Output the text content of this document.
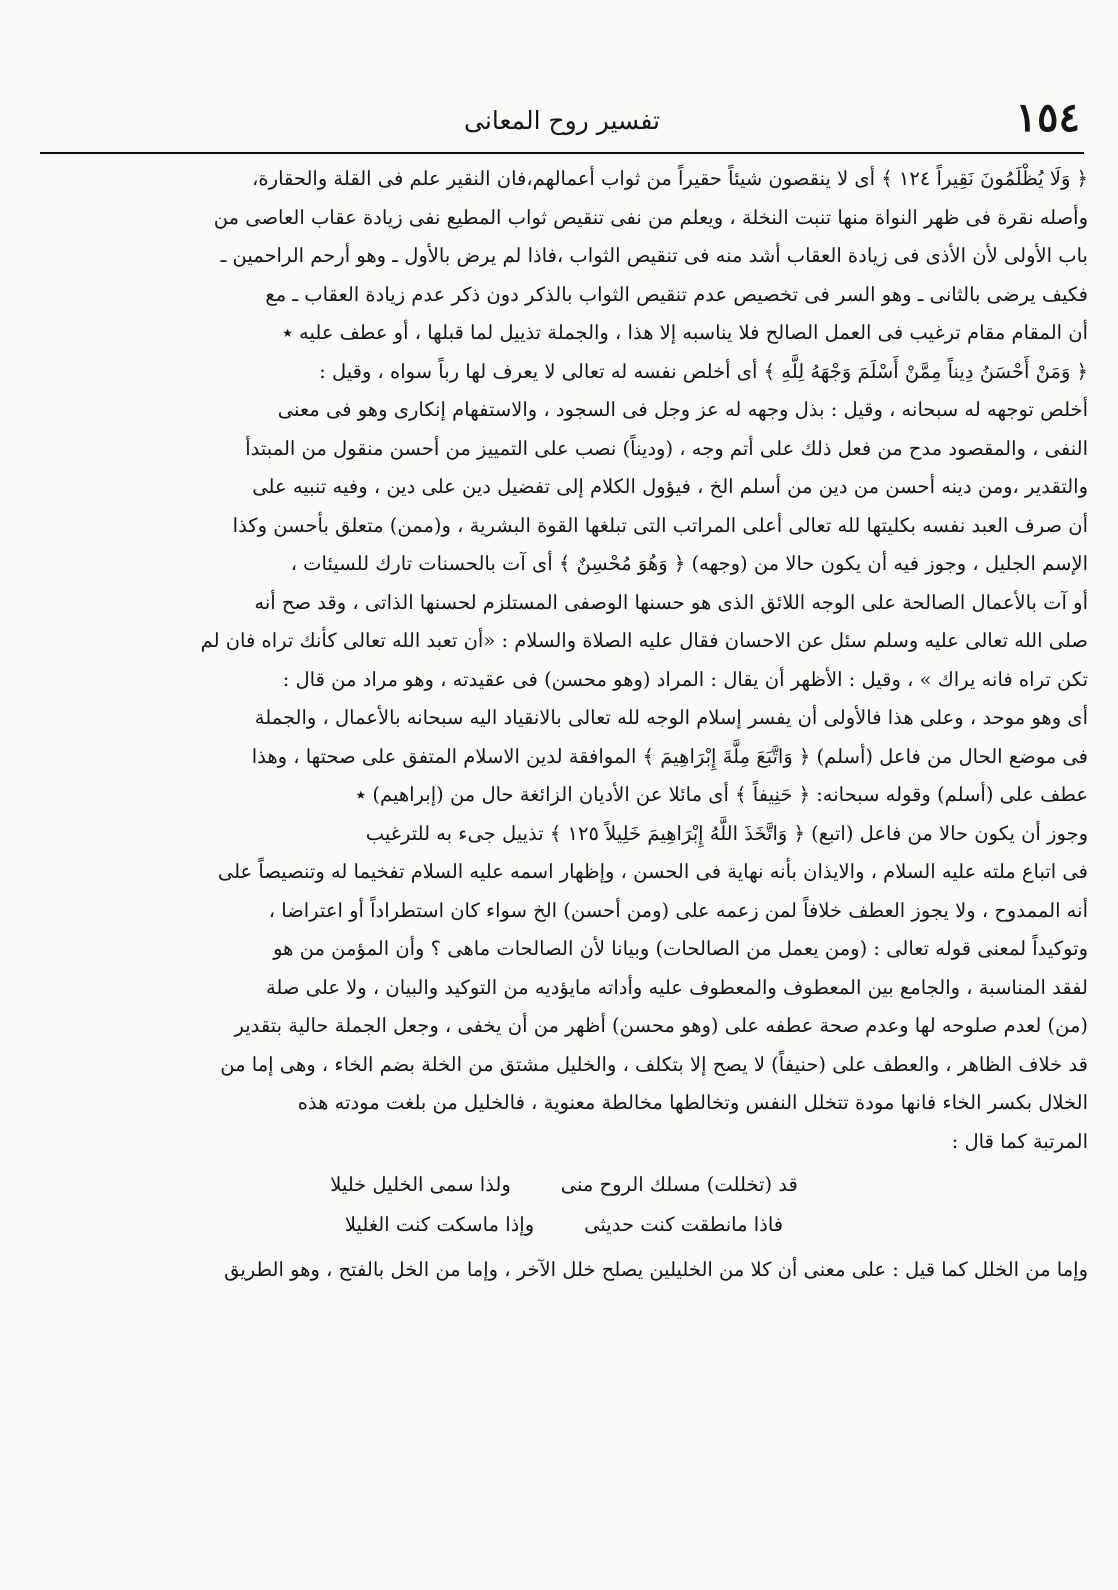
١٥٤
تفسير روح المعانى

﴿ وَلَا يُظْلَمُونَ نَقِيراً ١٢٤ ﴾ أى لا ينقصون شيئاً حقيراً من ثواب أعمالهم،فان النقير علم فى القلة والحقارة،

وأصله نقرة فى ظهر النواة منها تنبت النخلة ، ويعلم من نفى تنقيص ثواب المطيع نفى زيادة عقاب العاصى من

باب الأولى لأن الأذى فى زيادة العقاب أشد منه فى تنقيص الثواب ،فاذا لم يرض بالأول ـ وهو أرحم الراحمين ـ

فكيف يرضى بالثانى ـ وهو السر فى تخصيص عدم تنقيص الثواب بالذكر دون ذكر عدم زيادة العقاب ـ مع

أن المقام مقام ترغيب فى العمل الصالح فلا يناسبه إلا هذا ، والجملة تذييل لما قبلها ، أو عطف عليه ٭

﴿ وَمَنْ أَحْسَنُ دِيناً مِمَّنْ أَسْلَمَ وَجْهَهُ لِلَّهِ ﴾ أى أخلص نفسه له تعالى لا يعرف لها رباً سواه ، وقيل :

أخلص توجهه له سبحانه ، وقيل : بذل وجهه له عز وجل فى السجود ، والاستفهام إنكارى وهو فى معنى

النفى ، والمقصود مدح من فعل ذلك على أتم وجه ، (وديناً) نصب على التمييز من أحسن منقول من المبتدأ

والتقدير ،ومن دينه أحسن من دين من أسلم الخ ، فيؤول الكلام إلى تفضيل دين على دين ، وفيه تنبيه على

أن صرف العبد نفسه بكليتها لله تعالى أعلى المراتب التى تبلغها القوة البشرية ، و(ممن) متعلق بأحسن وكذا

الإسم الجليل ، وجوز فيه أن يكون حالا من (وجهه) ﴿ وَهُوَ مُحْسِنٌ ﴾ أى آت بالحسنات تارك للسيئات ،

أو آت بالأعمال الصالحة على الوجه اللائق الذى هو حسنها الوصفى المستلزم لحسنها الذاتى ، وقد صح أنه

صلى الله تعالى عليه وسلم سئل عن الاحسان فقال عليه الصلاة والسلام : «أن تعبد الله تعالى كأنك تراه فان لم

تكن تراه فانه يراك » ، وقيل : الأظهر أن يقال : المراد (وهو محسن) فى عقيدته ، وهو مراد من قال :

أى وهو موحد ، وعلى هذا فالأولى أن يفسر إسلام الوجه لله تعالى بالانقياد اليه سبحانه بالأعمال ، والجملة

فى موضع الحال من فاعل (أسلم) ﴿ وَاتَّبَعَ مِلَّةَ إِبْرَاهِيمَ ﴾ الموافقة لدين الاسلام المتفق على صحتها ، وهذا

عطف على (أسلم) وقوله سبحانه: ﴿ حَنِيفاً ﴾ أى مائلا عن الأديان الزائغة حال من (إبراهيم) ٭

وجوز أن يكون حالا من فاعل (اتبع) ﴿ وَاتَّخَذَ اللَّهُ إِبْرَاهِيمَ خَلِيلاً ١٢٥ ﴾ تذييل جىء به للترغيب

فى اتباع ملته عليه السلام ، والايذان بأنه نهاية فى الحسن ، وإظهار اسمه عليه السلام تفخيما له وتنصيصاً على

أنه الممدوح ، ولا يجوز العطف خلافاً لمن زعمه على (ومن أحسن) الخ سواء كان استطراداً أو اعتراضا ،

وتوكيداً لمعنى قوله تعالى : (ومن يعمل من الصالحات) وبيانا لأن الصالحات ماهى ؟ وأن المؤمن من هو

لفقد المناسبة ، والجامع بين المعطوف والمعطوف عليه وأداته مايؤديه من التوكيد والبيان ، ولا على صلة

(من) لعدم صلوحه لها وعدم صحة عطفه على (وهو محسن) أظهر من أن يخفى ، وجعل الجملة حالية بتقدير

قد خلاف الظاهر ، والعطف على (حنيفاً) لا يصح إلا بتكلف ، والخليل مشتق من الخلة بضم الخاء ، وهى إما من

الخلال بكسر الخاء فانها مودة تتخلل النفس وتخالطها مخالطة معنوية ، فالخليل من بلغت مودته هذه

المرتبة كما قال :

قد (تخللت) مسلك الروح منى
ولذا سمى الخليل خليلا
فاذا مانطقت كنت حديثى
وإذا ماسكت كنت الغليلا

وإما من الخلل كما قيل : على معنى أن كلا من الخليلين يصلح خلل الآخر ، وإما من الخل بالفتح ، وهو الطريق
